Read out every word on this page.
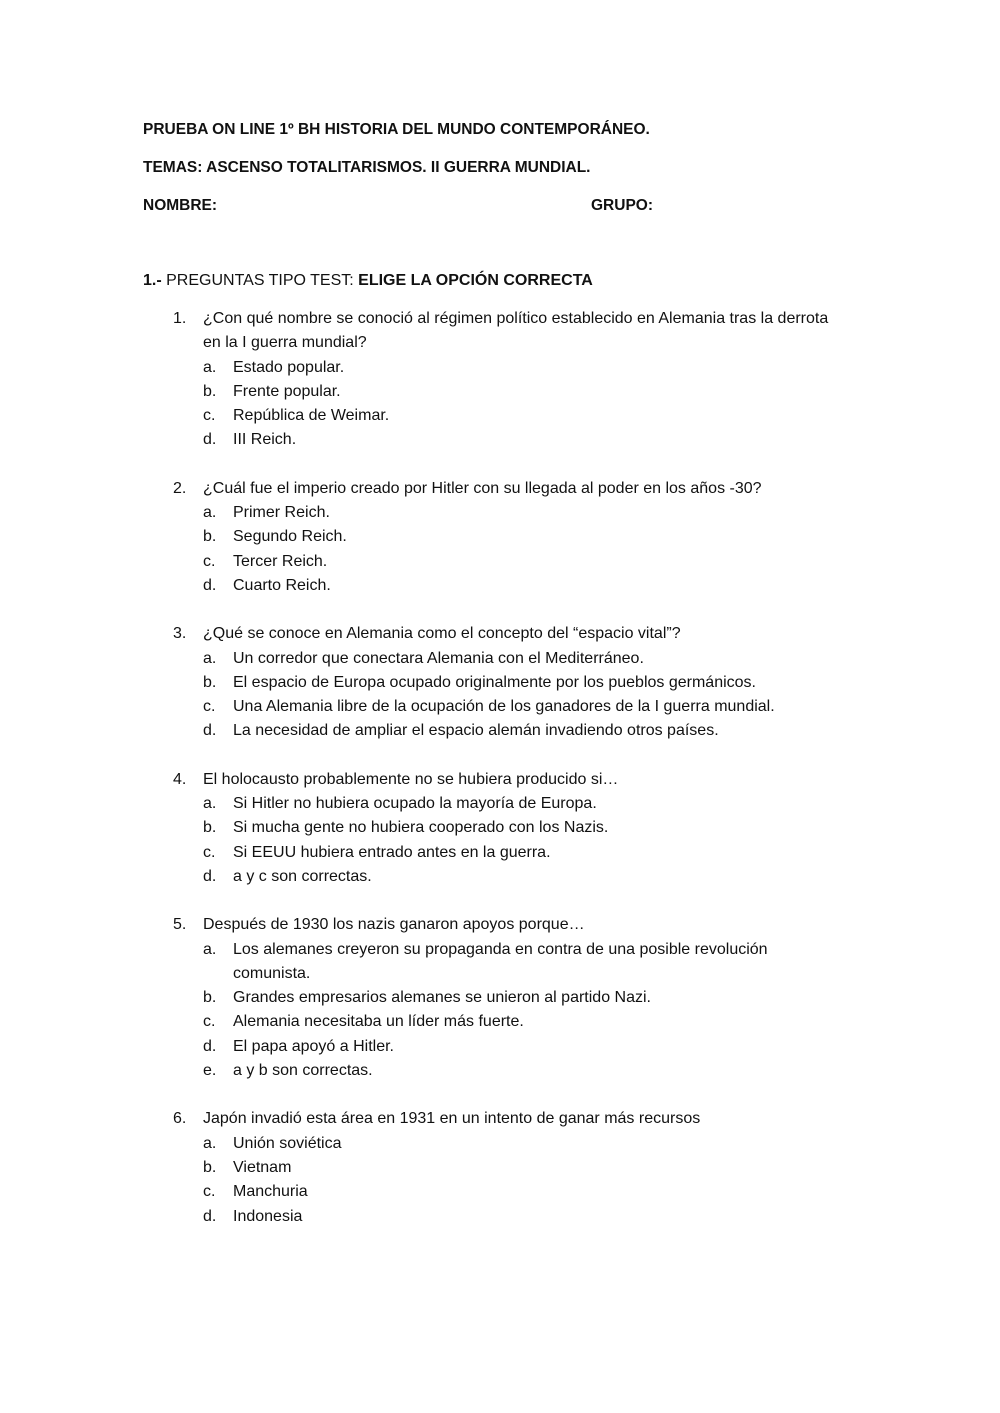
PRUEBA ON LINE 1º BH HISTORIA DEL MUNDO CONTEMPORÁNEO.
TEMAS: ASCENSO TOTALITARISMOS. II GUERRA MUNDIAL.
NOMBRE:	GRUPO:
1.- PREGUNTAS TIPO TEST: ELIGE LA OPCIÓN CORRECTA
1.	¿Con qué nombre se conoció al régimen político establecido en Alemania tras la derrota en la I guerra mundial?
a.	Estado popular.
b.	Frente popular.
c.	República de Weimar.
d.	III Reich.
2.	¿Cuál fue el imperio creado por Hitler con su llegada al poder en los años -30?
a.	Primer Reich.
b.	Segundo Reich.
c.	Tercer Reich.
d.	Cuarto Reich.
3.	¿Qué se conoce en Alemania como el concepto del “espacio vital”?
a.	Un corredor que conectara Alemania con el Mediterráneo.
b.	El espacio de Europa ocupado originalmente por los pueblos germánicos.
c.	Una Alemania libre de la ocupación de los ganadores de la I guerra mundial.
d.	La necesidad de ampliar el espacio alemán invadiendo otros países.
4.	El holocausto probablemente no se hubiera producido si…
a.	Si Hitler no hubiera ocupado la mayoría de Europa.
b.	Si mucha gente no hubiera cooperado con los Nazis.
c.	Si EEUU hubiera entrado antes en la guerra.
d.	a y c son correctas.
5.	Después de 1930 los nazis ganaron apoyos porque…
a.	Los alemanes creyeron su propaganda en contra de una posible revolución comunista.
b.	Grandes empresarios alemanes se unieron al partido Nazi.
c.	Alemania necesitaba un líder más fuerte.
d.	El papa apoyó a Hitler.
e.	a y b son correctas.
6.	Japón invadió esta área en 1931 en un intento de ganar más recursos
a.	Unión soviética
b.	Vietnam
c.	Manchuria
d.	Indonesia
